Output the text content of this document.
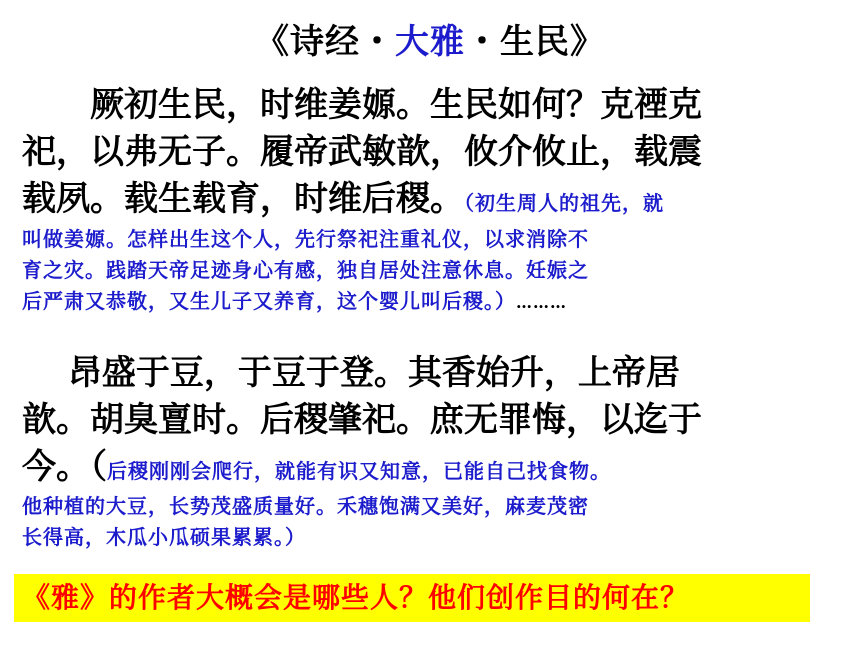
《诗经・大雅・生民》
　　厥初生民，时维姜嫄。生民如何？克禋克
祀，以弗无子。履帝武敏歆，攸介攸止，载震
载夙。载生载育，时维后稷。（初生周人的祖先，就
叫做姜嫄。怎样出生这个人，先行祭祀注重礼仪，以求消除不
育之灾。践踏天帝足迹身心有感，独自居处注意休息。妊娠之
后严肃又恭敬，又生儿子又养育，这个婴儿叫后稷。）………
　 昂盛于豆，于豆于登。其香始升，上帝居
歆。胡臭亶时。后稷肇祀。庶无罪悔，以迄于
今。（后稷刚刚会爬行，就能有识又知意，已能自己找食物。
他种植的大豆，长势茂盛质量好。禾穗饱满又美好，麻麦茂密
长得高，木瓜小瓜硕果累累。）
《雅》的作者大概会是哪些人？他们创作目的何在？
